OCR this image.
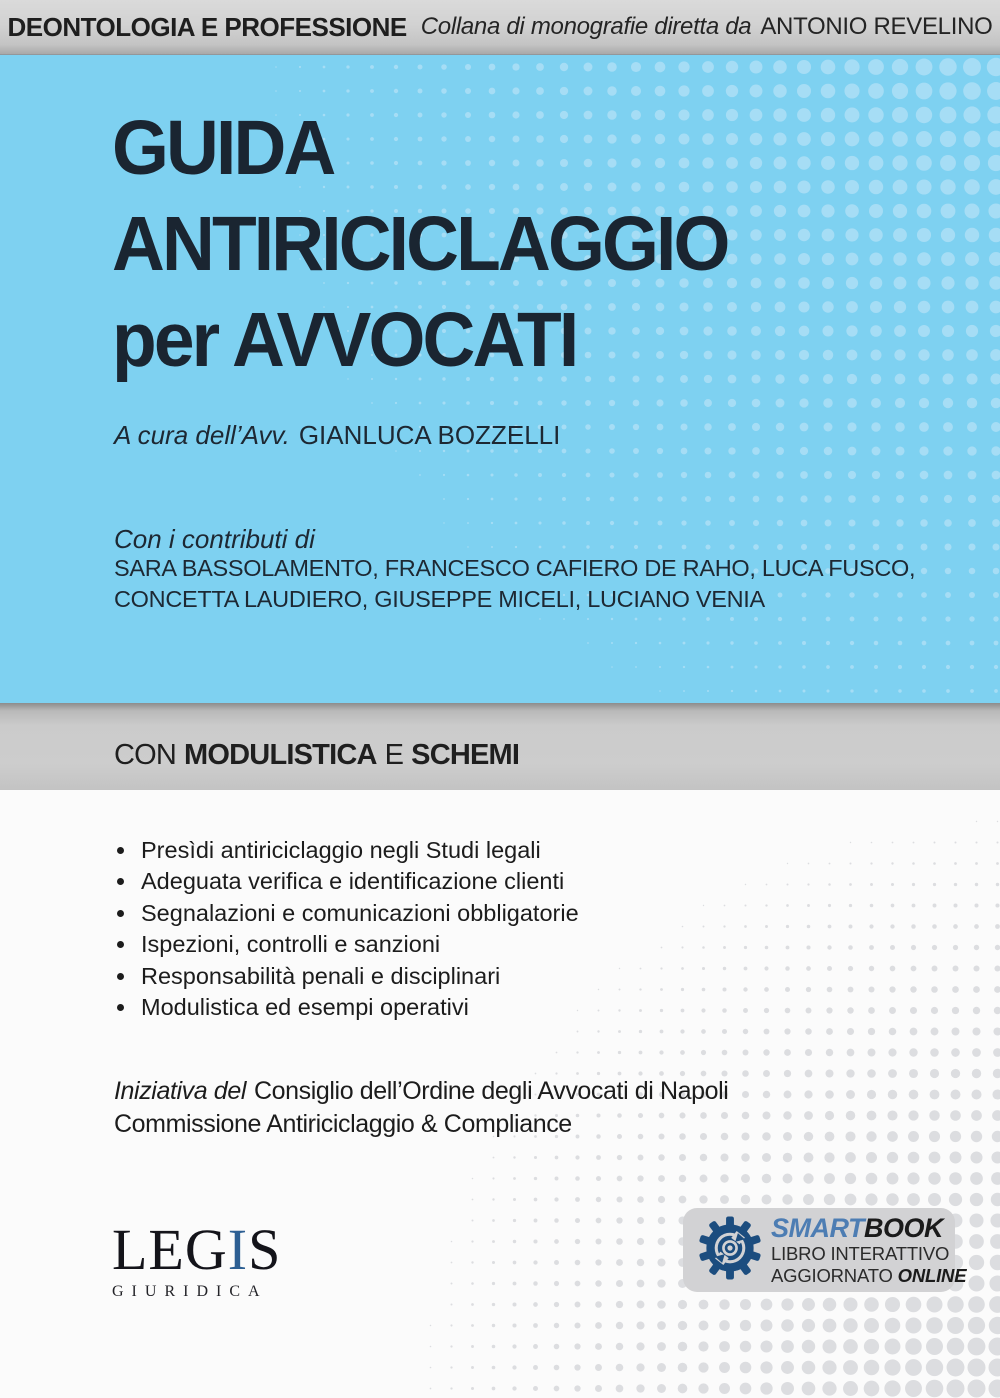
DEONTOLOGIA E PROFESSIONE Collana di monografie diretta da ANTONIO REVELINO
GUIDA
ANTIRICICLAGGIO
per AVVOCATI
A cura dell’Avv. GIANLUCA BOZZELLI
Con i contributi di
SARA BASSOLAMENTO, FRANCESCO CAFIERO DE RAHO, LUCA FUSCO,
CONCETTA LAUDIERO, GIUSEPPE MICELI, LUCIANO VENIA
CON MODULISTICA E SCHEMI
Presìdi antiriciclaggio negli Studi legali
Adeguata verifica e identificazione clienti
Segnalazioni e comunicazioni obbligatorie
Ispezioni, controlli e sanzioni
Responsabilità penali e disciplinari
Modulistica ed esempi operativi
Iniziativa del Consiglio dell’Ordine degli Avvocati di Napoli
Commissione Antiriciclaggio & Compliance
LEGIS
GIURIDICA
SMARTBOOK
LIBRO INTERATTIVO
AGGIORNATO ONLINE
